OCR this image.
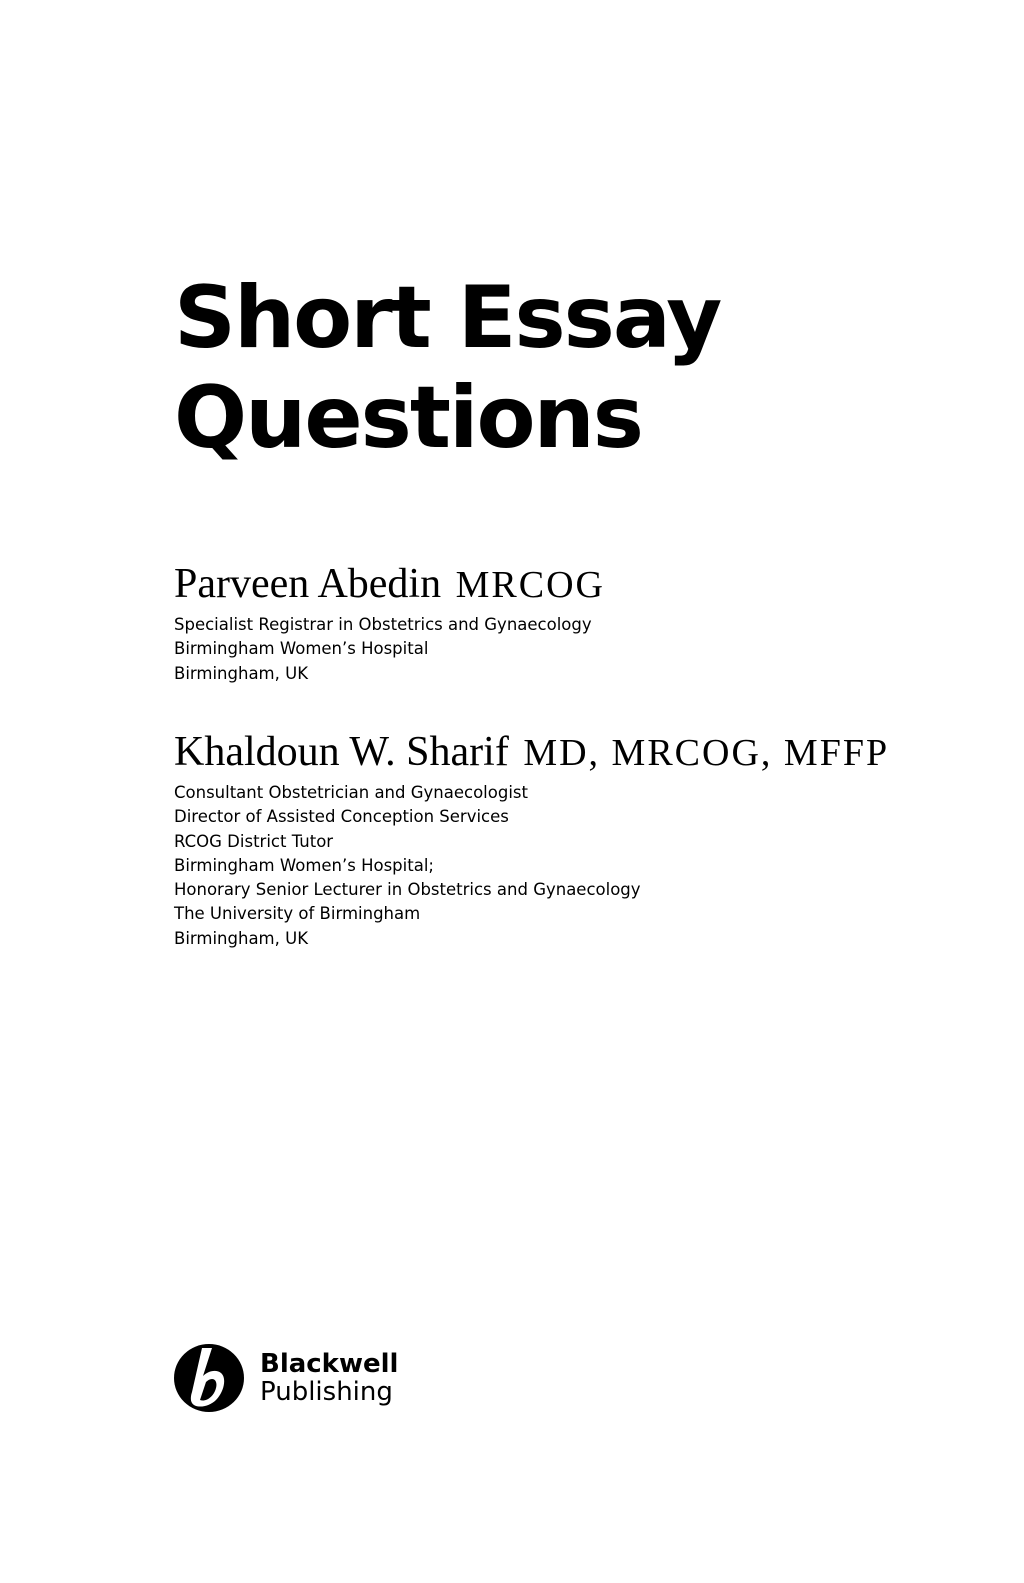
Short Essay
Questions
Parveen Abedin MRCOG
Specialist Registrar in Obstetrics and Gynaecology
Birmingham Women’s Hospital
Birmingham, UK
Khaldoun W. Sharif MD, MRCOG, MFFP
Consultant Obstetrician and Gynaecologist
Director of Assisted Conception Services
RCOG District Tutor
Birmingham Women’s Hospital;
Honorary Senior Lecturer in Obstetrics and Gynaecology
The University of Birmingham
Birmingham, UK
Blackwell
Publishing
